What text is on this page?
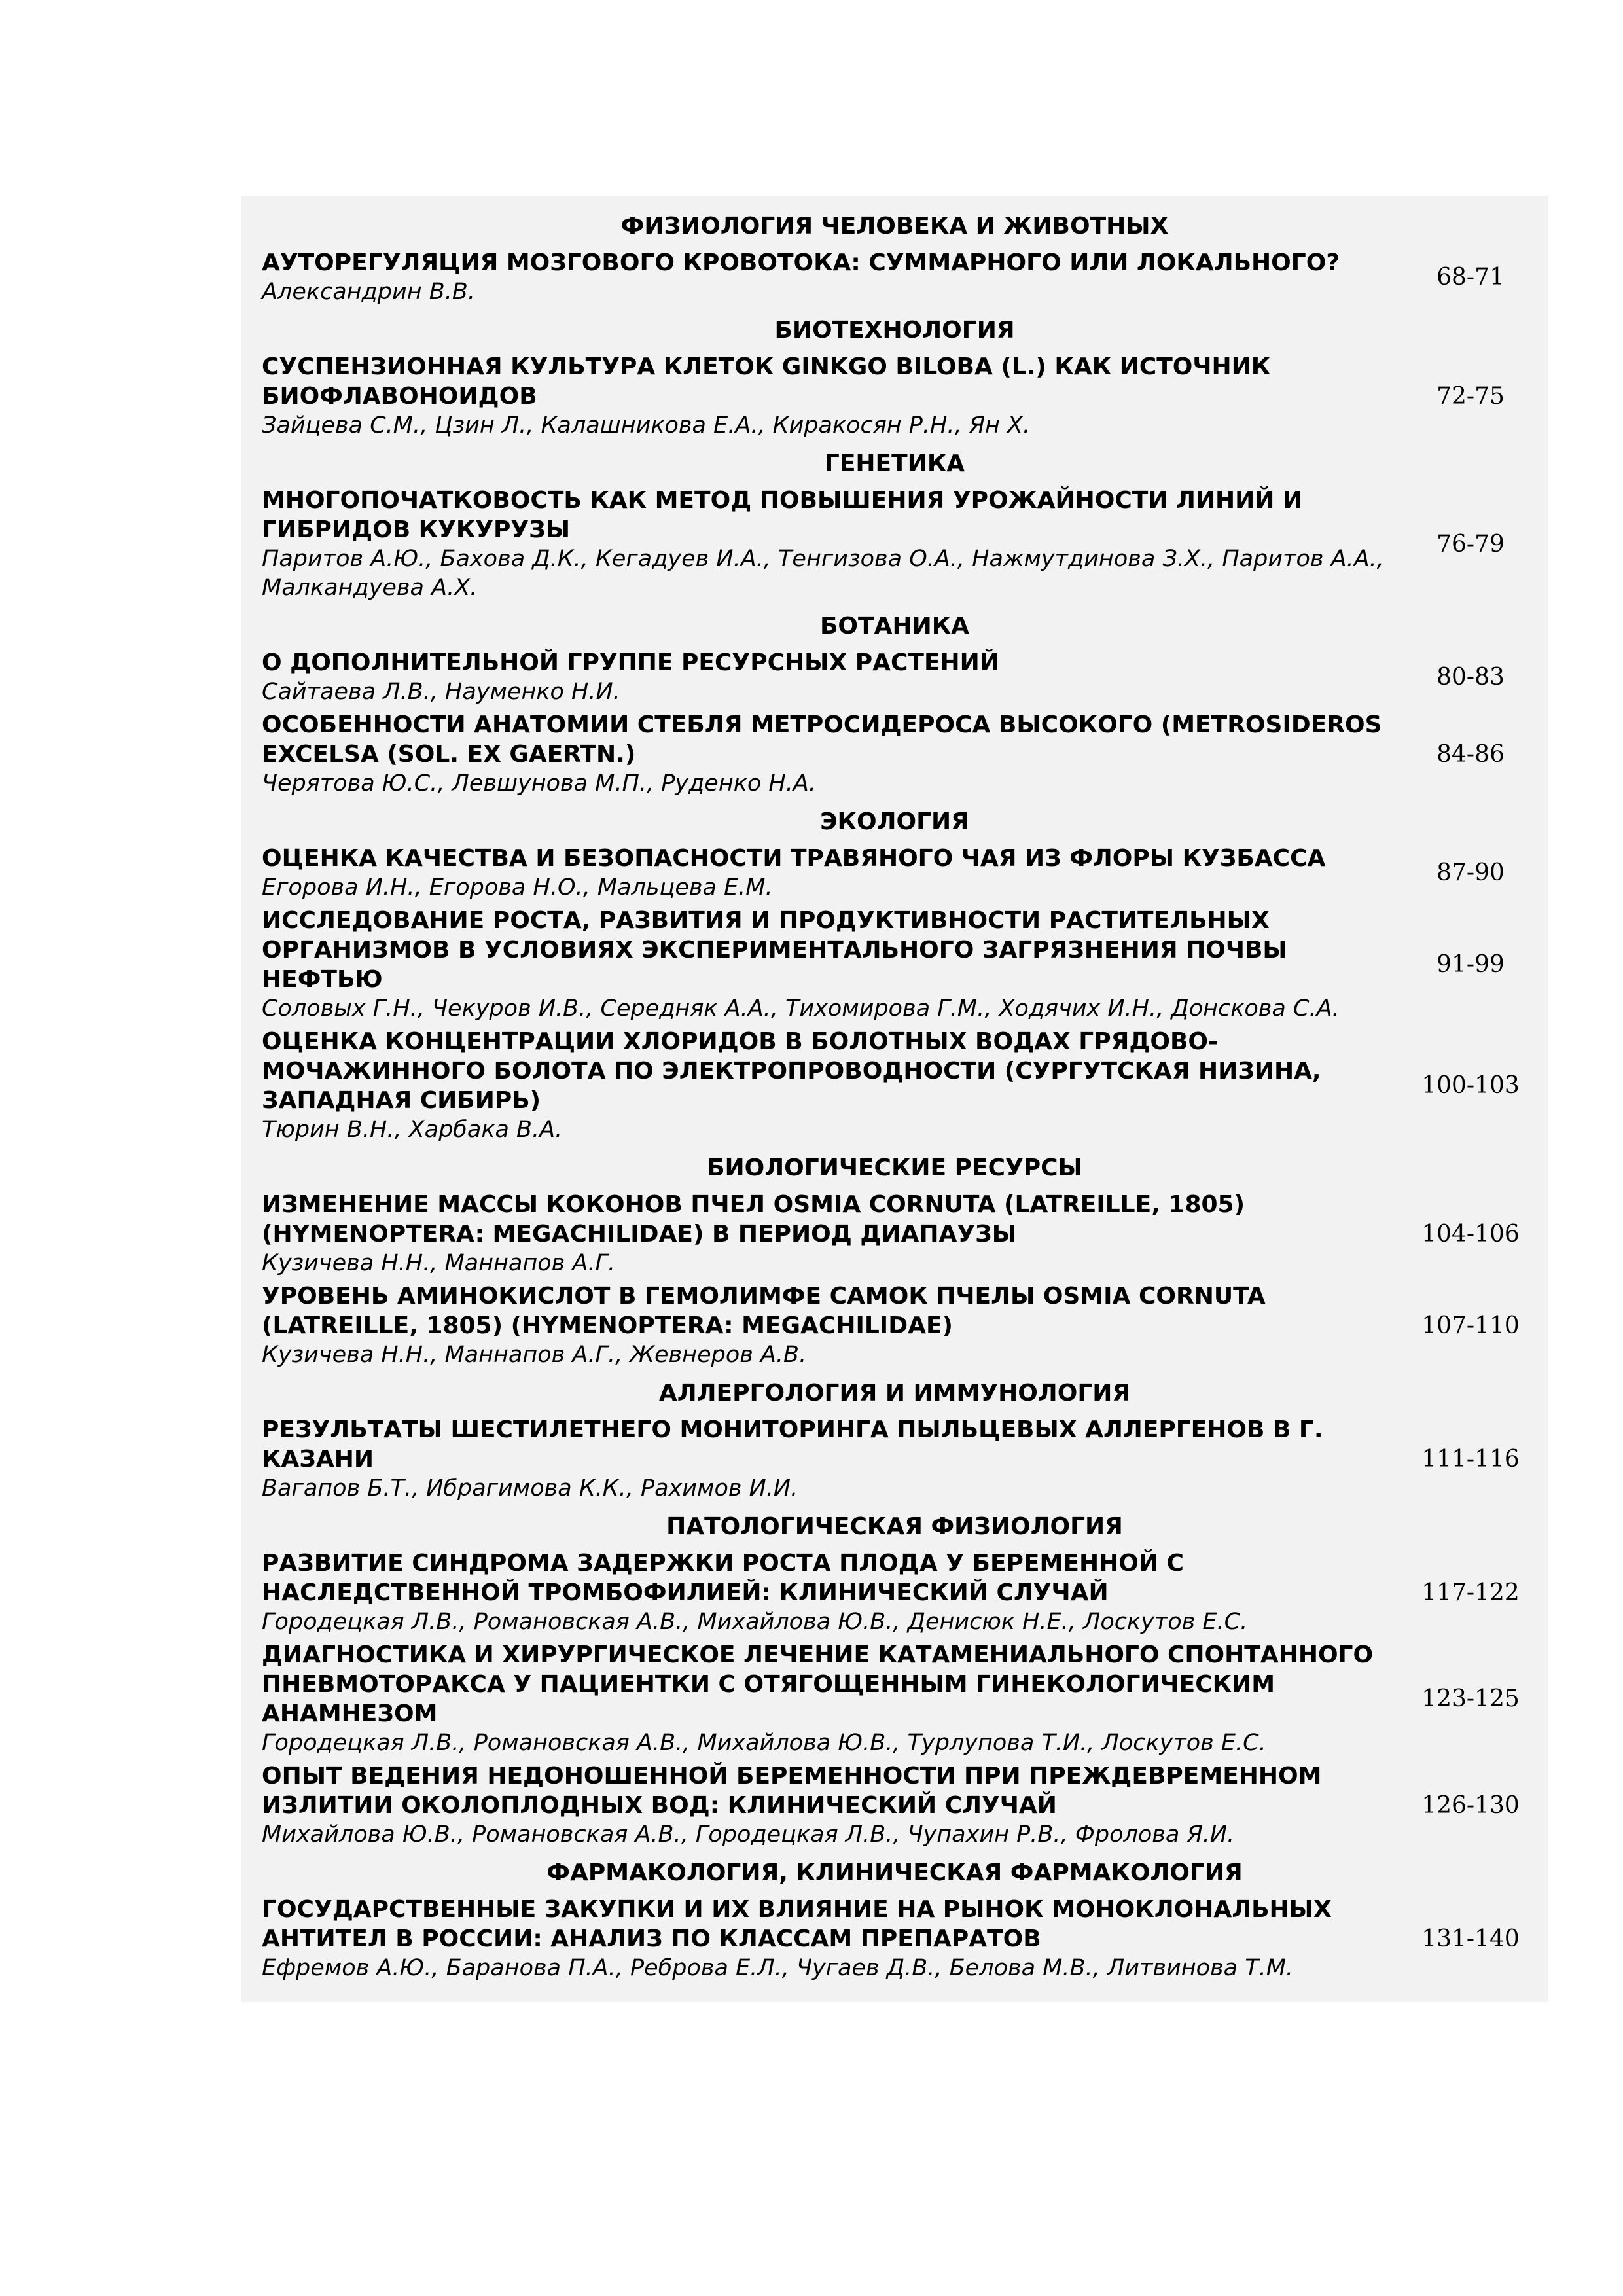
ФИЗИОЛОГИЯ ЧЕЛОВЕКА И ЖИВОТНЫХ
АУТОРЕГУЛЯЦИЯ МОЗГОВОГО КРОВОТОКА: СУММАРНОГО ИЛИ ЛОКАЛЬНОГО?
Александрин В.В.
68-71
БИОТЕХНОЛОГИЯ
СУСПЕНЗИОННАЯ КУЛЬТУРА КЛЕТОК GINKGO BILOBA (L.) КАК ИСТОЧНИК БИОФЛАВОНОИДОВ
Зайцева С.М., Цзин Л., Калашникова Е.А., Киракосян Р.Н., Ян X.
72-75
ГЕНЕТИКА
МНОГОПОЧАТКОВОСТЬ КАК МЕТОД ПОВЫШЕНИЯ УРОЖАЙНОСТИ ЛИНИЙ И ГИБРИДОВ КУКУРУЗЫ
Паритов А.Ю., Бахова Д.К., Кегадуев И.А., Тенгизова О.А., Нажмутдинова З.Х., Паритов А.А., Малкандуева А.Х.
76-79
БОТАНИКА
О ДОПОЛНИТЕЛЬНОЙ ГРУППЕ РЕСУРСНЫХ РАСТЕНИЙ
Сайтаева Л.В., Науменко Н.И.
80-83
ОСОБЕННОСТИ АНАТОМИИ СТЕБЛЯ МЕТРОСИДЕРОСА ВЫСОКОГО (METROSIDEROS EXCELSA (SOL. EX GAERTN.)
Черятова Ю.С., Левшунова М.П., Руденко Н.А.
84-86
ЭКОЛОГИЯ
ОЦЕНКА КАЧЕСТВА И БЕЗОПАСНОСТИ ТРАВЯНОГО ЧАЯ ИЗ ФЛОРЫ КУЗБАССА
Егорова И.Н., Егорова Н.О., Мальцева Е.М.
87-90
ИССЛЕДОВАНИЕ РОСТА, РАЗВИТИЯ И ПРОДУКТИВНОСТИ РАСТИТЕЛЬНЫХ ОРГАНИЗМОВ В УСЛОВИЯХ ЭКСПЕРИМЕНТАЛЬНОГО ЗАГРЯЗНЕНИЯ ПОЧВЫ НЕФТЬЮ
Соловых Г.Н., Чекуров И.В., Середняк А.А., Тихомирова Г.М., Ходячих И.Н., Донскова С.А.
91-99
ОЦЕНКА КОНЦЕНТРАЦИИ ХЛОРИДОВ В БОЛОТНЫХ ВОДАХ ГРЯДОВО-МОЧАЖИННОГО БОЛОТА ПО ЭЛЕКТРОПРОВОДНОСТИ (СУРГУТСКАЯ НИЗИНА, ЗАПАДНАЯ СИБИРЬ)
Тюрин В.Н., Харбака В.А.
100-103
БИОЛОГИЧЕСКИЕ РЕСУРСЫ
ИЗМЕНЕНИЕ МАССЫ КОКОНОВ ПЧЕЛ OSMIA CORNUTA (LATREILLE, 1805) (HYMENOPTERA: MEGACHILIDAE) В ПЕРИОД ДИАПАУЗЫ
Кузичева Н.Н., Маннапов А.Г.
104-106
УРОВЕНЬ АМИНОКИСЛОТ В ГЕМОЛИМФЕ САМОК ПЧЕЛЫ OSMIA CORNUTA (LATREILLE, 1805) (HYMENOPTERA: MEGACHILIDAE)
Кузичева Н.Н., Маннапов А.Г., Жевнеров А.В.
107-110
АЛЛЕРГОЛОГИЯ И ИММУНОЛОГИЯ
РЕЗУЛЬТАТЫ ШЕСТИЛЕТНЕГО МОНИТОРИНГА ПЫЛЬЦЕВЫХ АЛЛЕРГЕНОВ В Г. КАЗАНИ
Вагапов Б.Т., Ибрагимова К.К., Рахимов И.И.
111-116
ПАТОЛОГИЧЕСКАЯ ФИЗИОЛОГИЯ
РАЗВИТИЕ СИНДРОМА ЗАДЕРЖКИ РОСТА ПЛОДА У БЕРЕМЕННОЙ С НАСЛЕДСТВЕННОЙ ТРОМБОФИЛИЕЙ: КЛИНИЧЕСКИЙ СЛУЧАЙ
Городецкая Л.В., Романовская А.В., Михайлова Ю.В., Денисюк Н.Е., Лоскутов Е.С.
117-122
ДИАГНОСТИКА И ХИРУРГИЧЕСКОЕ ЛЕЧЕНИЕ КАТАМЕНИАЛЬНОГО СПОНТАННОГО ПНЕВМОТОРАКСА У ПАЦИЕНТКИ С ОТЯГОЩЕННЫМ ГИНЕКОЛОГИЧЕСКИМ АНАМНЕЗОМ
Городецкая Л.В., Романовская А.В., Михайлова Ю.В., Турлупова Т.И., Лоскутов Е.С.
123-125
ОПЫТ ВЕДЕНИЯ НЕДОНОШЕННОЙ БЕРЕМЕННОСТИ ПРИ ПРЕЖДЕВРЕМЕННОМ ИЗЛИТИИ ОКОЛОПЛОДНЫХ ВОД: КЛИНИЧЕСКИЙ СЛУЧАЙ
Михайлова Ю.В., Романовская А.В., Городецкая Л.В., Чупахин Р.В., Фролова Я.И.
126-130
ФАРМАКОЛОГИЯ, КЛИНИЧЕСКАЯ ФАРМАКОЛОГИЯ
ГОСУДАРСТВЕННЫЕ ЗАКУПКИ И ИХ ВЛИЯНИЕ НА РЫНОК МОНОКЛОНАЛЬНЫХ АНТИТЕЛ В РОССИИ: АНАЛИЗ ПО КЛАССАМ ПРЕПАРАТОВ
Ефремов А.Ю., Баранова П.А., Реброва Е.Л., Чугаев Д.В., Белова М.В., Литвинова Т.М.
131-140
